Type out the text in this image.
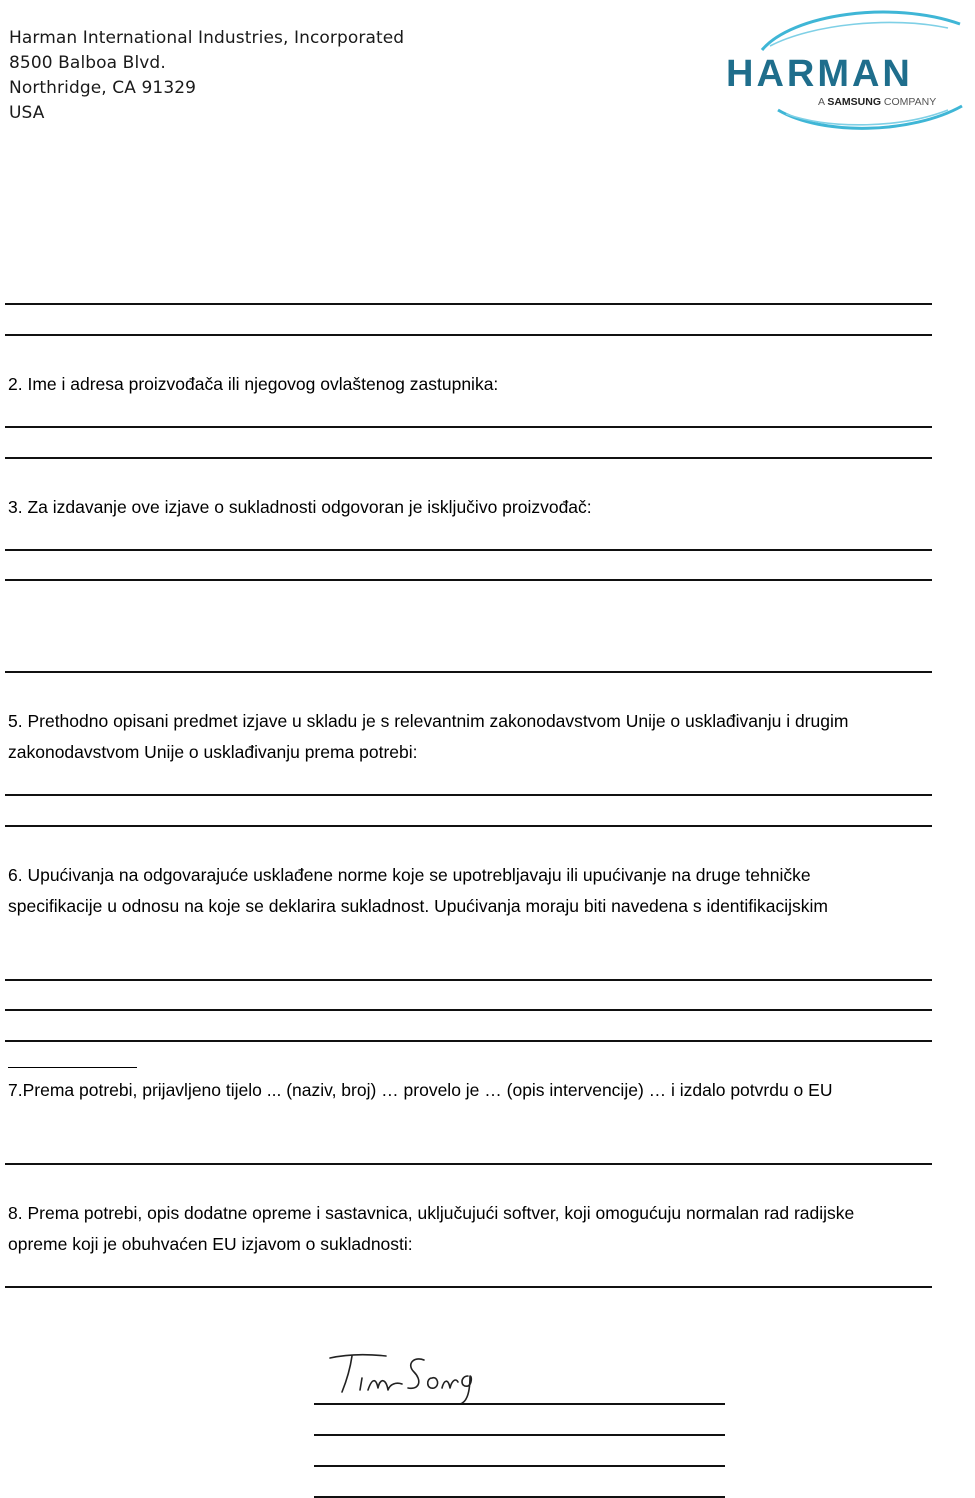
Harman International Industries, Incorporated
8500 Balboa Blvd.
Northridge, CA 91329
USA
HARMAN
A SAMSUNG COMPANY
2. Ime i adresa proizvođača ili njegovog ovlaštenog zastupnika:
3. Za izdavanje ove izjave o sukladnosti odgovoran je isključivo proizvođač:
5. Prethodno opisani predmet izjave u skladu je s relevantnim zakonodavstvom Unije o usklađivanju i drugim
zakonodavstvom Unije o usklađivanju prema potrebi:
6. Upućivanja na odgovarajuće usklađene norme koje se upotrebljavaju ili upućivanje na druge tehničke
specifikacije u odnosu na koje se deklarira sukladnost. Upućivanja moraju biti navedena s identifikacijskim
7.Prema potrebi, prijavljeno tijelo ... (naziv, broj) … provelo je … (opis intervencije) … i izdalo potvrdu o EU
8. Prema potrebi, opis dodatne opreme i sastavnica, uključujući softver, koji omogućuju normalan rad radijske
opreme koji je obuhvaćen EU izjavom o sukladnosti:
